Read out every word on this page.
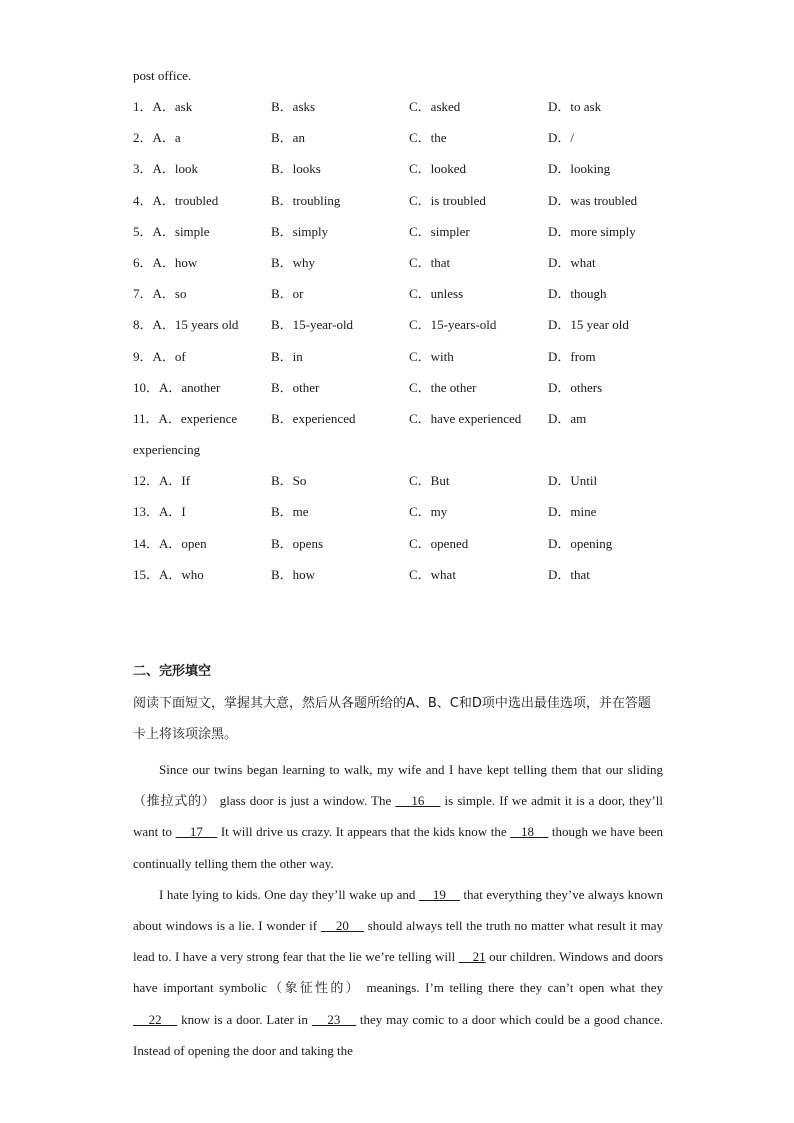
post office.
1．A．ask	B．asks	C．asked	D．to ask
2．A．a	B．an	C．the	D．/
3．A．look	B．looks	C．looked	D．looking
4．A．troubled	B．troubling	C．is troubled	D．was troubled
5．A．simple	B．simply	C．simpler	D．more simply
6．A．how	B．why	C．that	D．what
7．A．so	B．or	C．unless	D．though
8．A．15 years old	B．15-year-old	C．15-years-old	D．15 year old
9．A．of	B．in	C．with	D．from
10．A．another	B．other	C．the other	D．others
11．A．experience	B．experienced	C．have experienced D．am
experiencing
12．A．If	B．So	C．But	D．Until
13．A．I	B．me	C．my	D．mine
14．A．open	B．opens	C．opened	D．opening
15．A．who	B．how	C．what	D．that
二、完形填空
阅读下面短文，掌握其大意，然后从各题所给的A、B、C和D项中选出最佳选项，并在答题卡上将该项涂黑。

Since our twins began learning to walk, my wife and I have kept telling them that our sliding （推拉式的） glass door is just a window. The     16     is simple. If we admit it is a door, they’ll want to     17     It will drive us crazy. It appears that the kids know the    18     though we have been continually telling them the other way.

I hate lying to kids. One day they’ll wake up and     19     that everything they’ve always known about windows is a lie. I wonder if     20     should always tell the truth no matter what result it may lead to. I have a very strong fear that the lie we’re telling will     21 our children. Windows and doors have important symbolic（象征性的） meanings. I’m telling there they can’t open what they     22     know is a door. Later in     23     they may comic to a door which could be a good chance. Instead of opening the door and taking the
